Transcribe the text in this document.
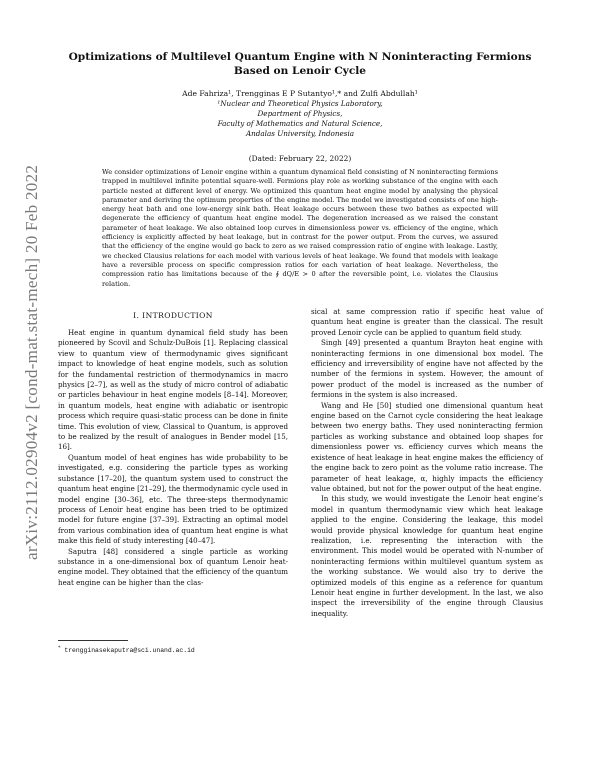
arXiv:2112.02904v2 [cond-mat.stat-mech] 20 Feb 2022
Optimizations of Multilevel Quantum Engine with N Noninteracting Fermions Based on Lenoir Cycle
Ade Fahriza¹, Trengginas E P Sutantyo¹,* and Zulfi Abdullah¹
¹Nuclear and Theoretical Physics Laboratory,
Department of Physics,
Faculty of Mathematics and Natural Science,
Andalas University, Indonesia
(Dated: February 22, 2022)
We consider optimizations of Lenoir engine within a quantum dynamical field consisting of N noninteracting fermions trapped in multilevel infinite potential square-well. Fermions play role as working substance of the engine with each particle nested at different level of energy. We optimized this quantum heat engine model by analysing the physical parameter and deriving the optimum properties of the engine model. The model we investigated consists of one high-energy heat bath and one low-energy sink bath. Heat leakage occurs between these two bathes as expected will degenerate the efficiency of quantum heat engine model. The degeneration increased as we raised the constant parameter of heat leakage. We also obtained loop curves in dimensionless power vs. efficiency of the engine, which efficiency is explicitly affected by heat leakage, but in contrast for the power output. From the curves, we assured that the efficiency of the engine would go back to zero as we raised compression ratio of engine with leakage. Lastly, we checked Clausius relations for each model with various levels of heat leakage. We found that models with leakage have a reversible process on specific compression ratios for each variation of heat leakage. Nevertheless, the compression ratio has limitations because of the ∮ dQ/E > 0 after the reversible point, i.e. violates the Clausius relation.
I. INTRODUCTION

Heat engine in quantum dynamical field study has been pioneered by Scovil and Schulz-DuBois [1]. Replacing classical view to quantum view of thermodynamic gives significant impact to knowledge of heat engine models, such as solution for the fundamental restriction of thermodynamics in macro physics [2–7], as well as the study of micro control of adiabatic or particles behaviour in heat engine models [8–14]. Moreover, in quantum models, heat engine with adiabatic or isentropic process which require quasi-static process can be done in finite time. This evolution of view, Classical to Quantum, is approved to be realized by the result of analogues in Bender model [15, 16].

Quantum model of heat engines has wide probability to be investigated, e.g. considering the particle types as working substance [17–20], the quantum system used to construct the quantum heat engine [21–29], the thermodynamic cycle used in model engine [30–36], etc. The three-steps thermodynamic process of Lenoir heat engine has been tried to be optimized model for future engine [37–39]. Extracting an optimal model from various combination idea of quantum heat engine is what make this field of study interesting [40–47].

Saputra [48] considered a single particle as working substance in a one-dimensional box of quantum Lenoir heat-engine model. They obtained that the efficiency of the quantum heat engine can be higher than the clas-

sical at same compression ratio if specific heat value of quantum heat engine is greater than the classical. The result proved Lenoir cycle can be applied to quantum field study.

Singh [49] presented a quantum Brayton heat engine with noninteracting fermions in one dimensional box model. The efficiency and irreversibility of engine have not affected by the number of the fermions in system. However, the amount of power product of the model is increased as the number of fermions in the system is also increased.

Wang and He [50] studied one dimensional quantum heat engine based on the Carnot cycle considering the heat leakage between two energy baths. They used noninteracting fermion particles as working substance and obtained loop shapes for dimensionless power vs. efficiency curves which means the existence of heat leakage in heat engine makes the efficiency of the engine back to zero point as the volume ratio increase. The parameter of heat leakage, α, highly impacts the efficiency value obtained, but not for the power output of the heat engine.

In this study, we would investigate the Lenoir heat engine’s model in quantum thermodynamic view which heat leakage applied to the engine. Considering the leakage, this model would provide physical knowledge for quantum heat engine realization, i.e. representing the interaction with the environment. This model would be operated with N-number of noninteracting fermions within multilevel quantum system as the working substance. We would also try to derive the optimized models of this engine as a reference for quantum Lenoir heat engine in further development. In the last, we also inspect the irreversibility of the engine through Clausius inequality.

* trengginasekaputra@sci.unand.ac.id
